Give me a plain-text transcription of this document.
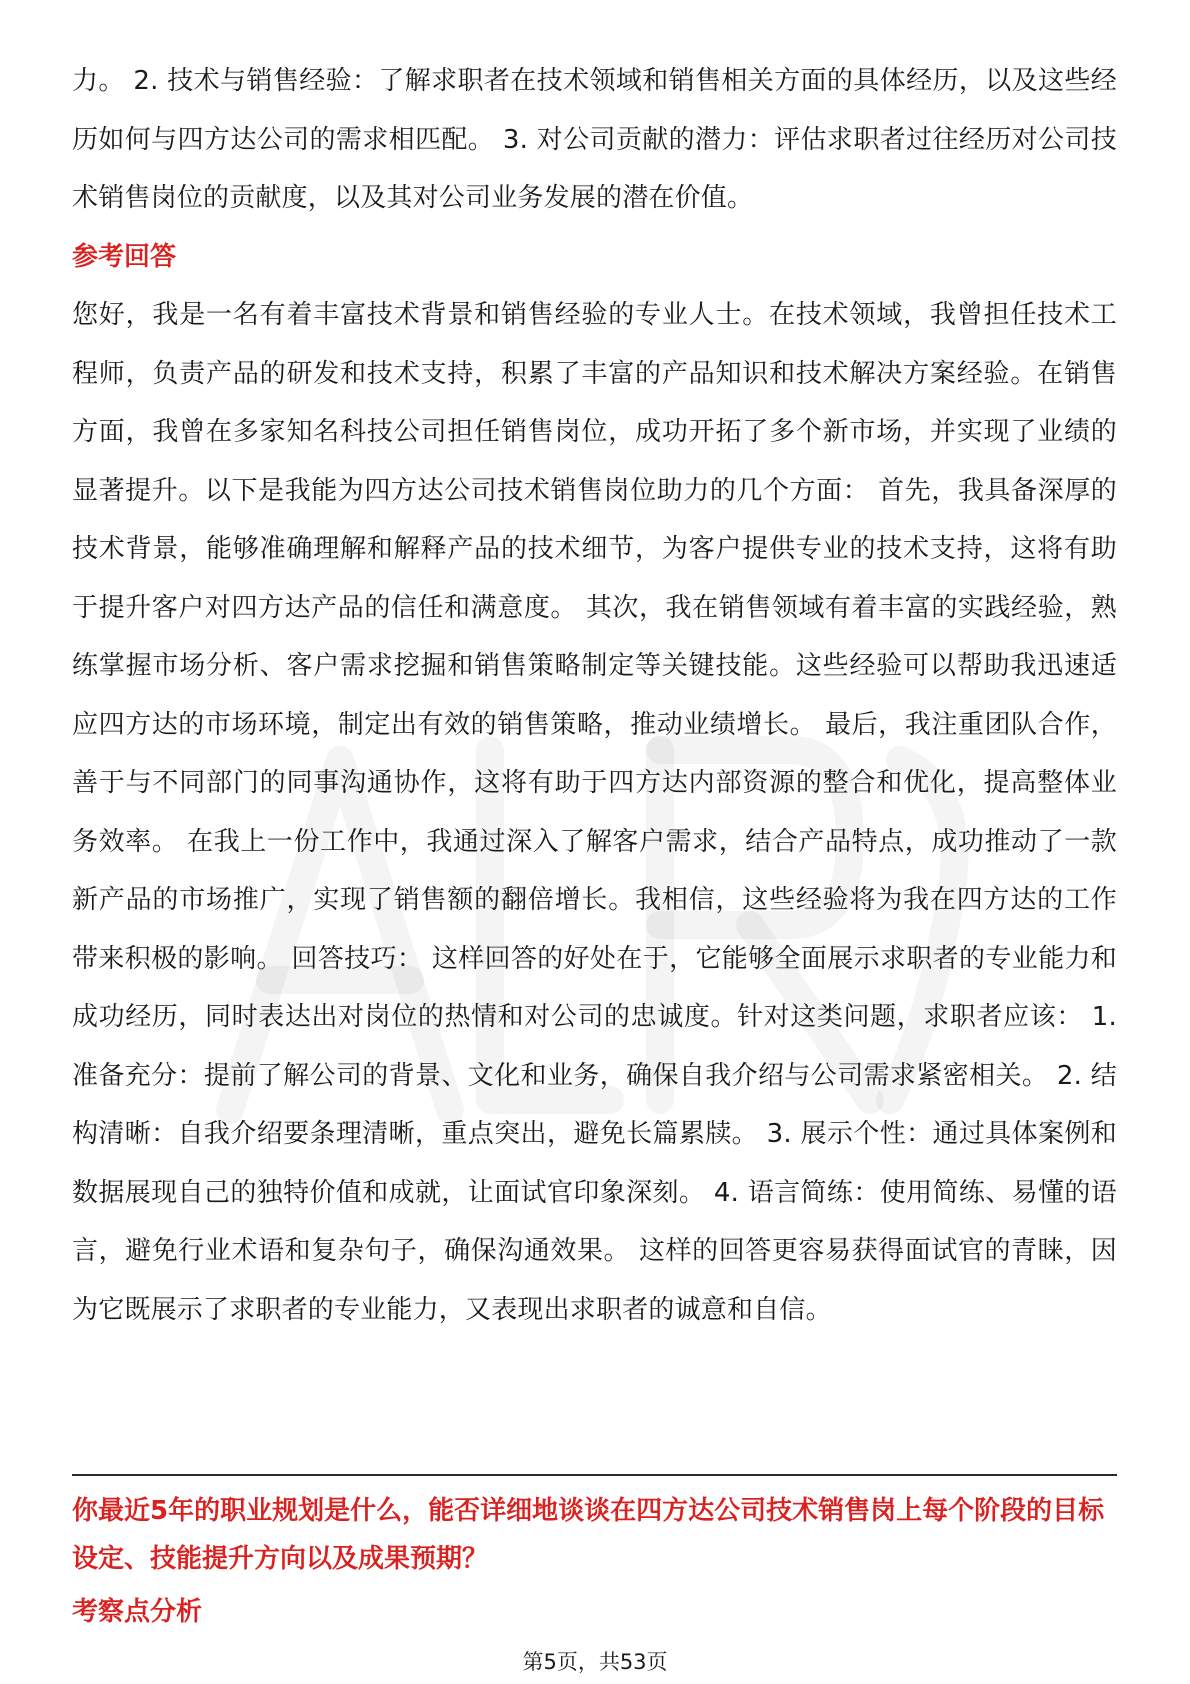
力。 2. 技术与销售经验：了解求职者在技术领域和销售相关方面的具体经历，以及这些经历如何与四方达公司的需求相匹配。 3. 对公司贡献的潜力：评估求职者过往经历对公司技术销售岗位的贡献度，以及其对公司业务发展的潜在价值。

参考回答

您好，我是一名有着丰富技术背景和销售经验的专业人士。在技术领域，我曾担任技术工程师，负责产品的研发和技术支持，积累了丰富的产品知识和技术解决方案经验。在销售方面，我曾在多家知名科技公司担任销售岗位，成功开拓了多个新市场，并实现了业绩的显著提升。以下是我能为四方达公司技术销售岗位助力的几个方面： 首先，我具备深厚的技术背景，能够准确理解和解释产品的技术细节，为客户提供专业的技术支持，这将有助于提升客户对四方达产品的信任和满意度。 其次，我在销售领域有着丰富的实践经验，熟练掌握市场分析、客户需求挖掘和销售策略制定等关键技能。这些经验可以帮助我迅速适应四方达的市场环境，制定出有效的销售策略，推动业绩增长。 最后，我注重团队合作，善于与不同部门的同事沟通协作，这将有助于四方达内部资源的整合和优化，提高整体业务效率。 在我上一份工作中，我通过深入了解客户需求，结合产品特点，成功推动了一款新产品的市场推广，实现了销售额的翻倍增长。我相信，这些经验将为我在四方达的工作带来积极的影响。 回答技巧： 这样回答的好处在于，它能够全面展示求职者的专业能力和成功经历，同时表达出对岗位的热情和对公司的忠诚度。针对这类问题，求职者应该： 1. 准备充分：提前了解公司的背景、文化和业务，确保自我介绍与公司需求紧密相关。 2. 结构清晰：自我介绍要条理清晰，重点突出，避免长篇累牍。 3. 展示个性：通过具体案例和数据展现自己的独特价值和成就，让面试官印象深刻。 4. 语言简练：使用简练、易懂的语言，避免行业术语和复杂句子，确保沟通效果。 这样的回答更容易获得面试官的青睐，因为它既展示了求职者的专业能力，又表现出求职者的诚意和自信。

你最近5年的职业规划是什么，能否详细地谈谈在四方达公司技术销售岗上每个阶段的目标设定、技能提升方向以及成果预期？

考察点分析

第5页，共53页
